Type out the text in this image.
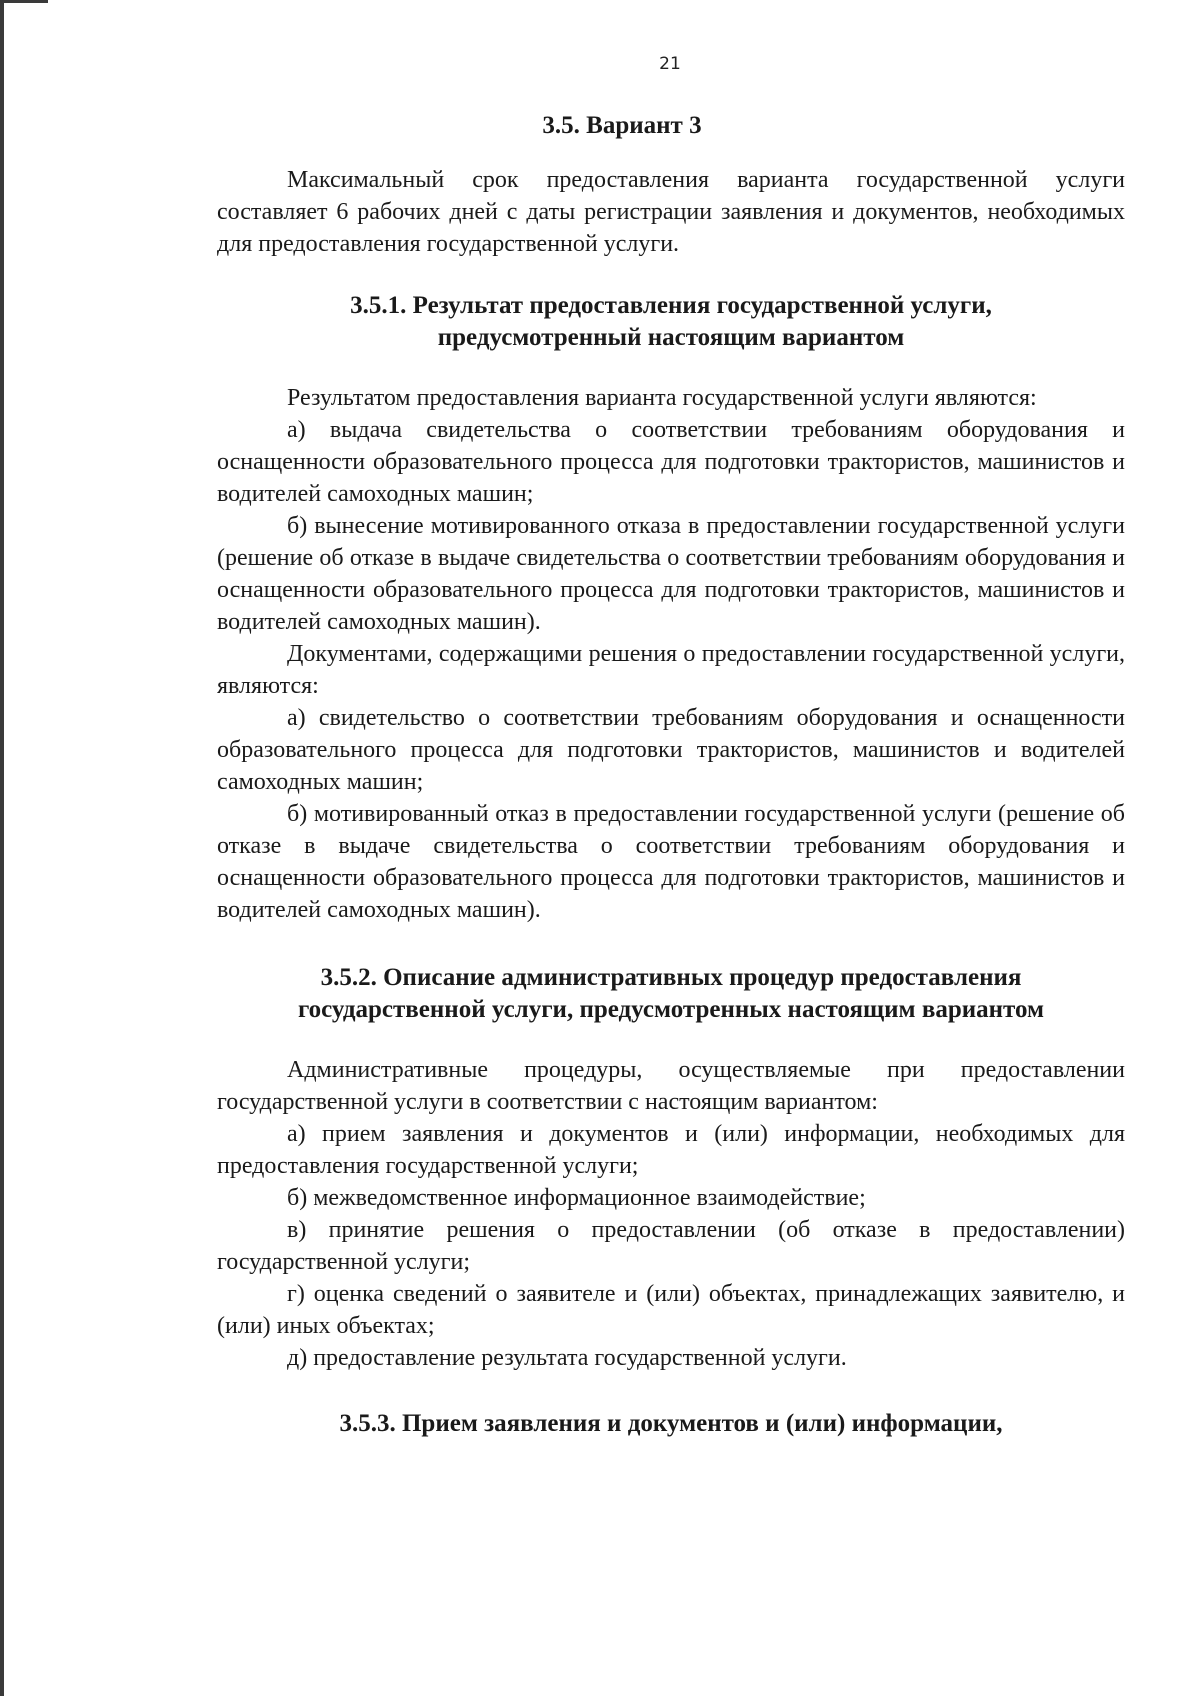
21
3.5. Вариант 3

Максимальный срок предоставления варианта государственной услуги составляет 6 рабочих дней с даты регистрации заявления и документов, необходимых для предоставления государственной услуги.

3.5.1. Результат предоставления государственной услуги,
предусмотренный настоящим вариантом

Результатом предоставления варианта государственной услуги являются:

а) выдача свидетельства о соответствии требованиям оборудования и оснащенности образовательного процесса для подготовки трактористов, машинистов и водителей самоходных машин;

б) вынесение мотивированного отказа в предоставлении государственной услуги (решение об отказе в выдаче свидетельства о соответствии требованиям оборудования и оснащенности образовательного процесса для подготовки трактористов, машинистов и водителей самоходных машин).

Документами, содержащими решения о предоставлении государственной услуги, являются:

а) свидетельство о соответствии требованиям оборудования и оснащенности образовательного процесса для подготовки трактористов, машинистов и водителей самоходных машин;

б) мотивированный отказ в предоставлении государственной услуги (решение об отказе в выдаче свидетельства о соответствии требованиям оборудования и оснащенности образовательного процесса для подготовки трактористов, машинистов и водителей самоходных машин).

3.5.2. Описание административных процедур предоставления
государственной услуги, предусмотренных настоящим вариантом

Административные процедуры, осуществляемые при предоставлении государственной услуги в соответствии с настоящим вариантом:

а) прием заявления и документов и (или) информации, необходимых для предоставления государственной услуги;

б) межведомственное информационное взаимодействие;

в) принятие решения о предоставлении (об отказе в предоставлении) государственной услуги;

г) оценка сведений о заявителе и (или) объектах, принадлежащих заявителю, и (или) иных объектах;

д) предоставление результата государственной услуги.

3.5.3. Прием заявления и документов и (или) информации,
